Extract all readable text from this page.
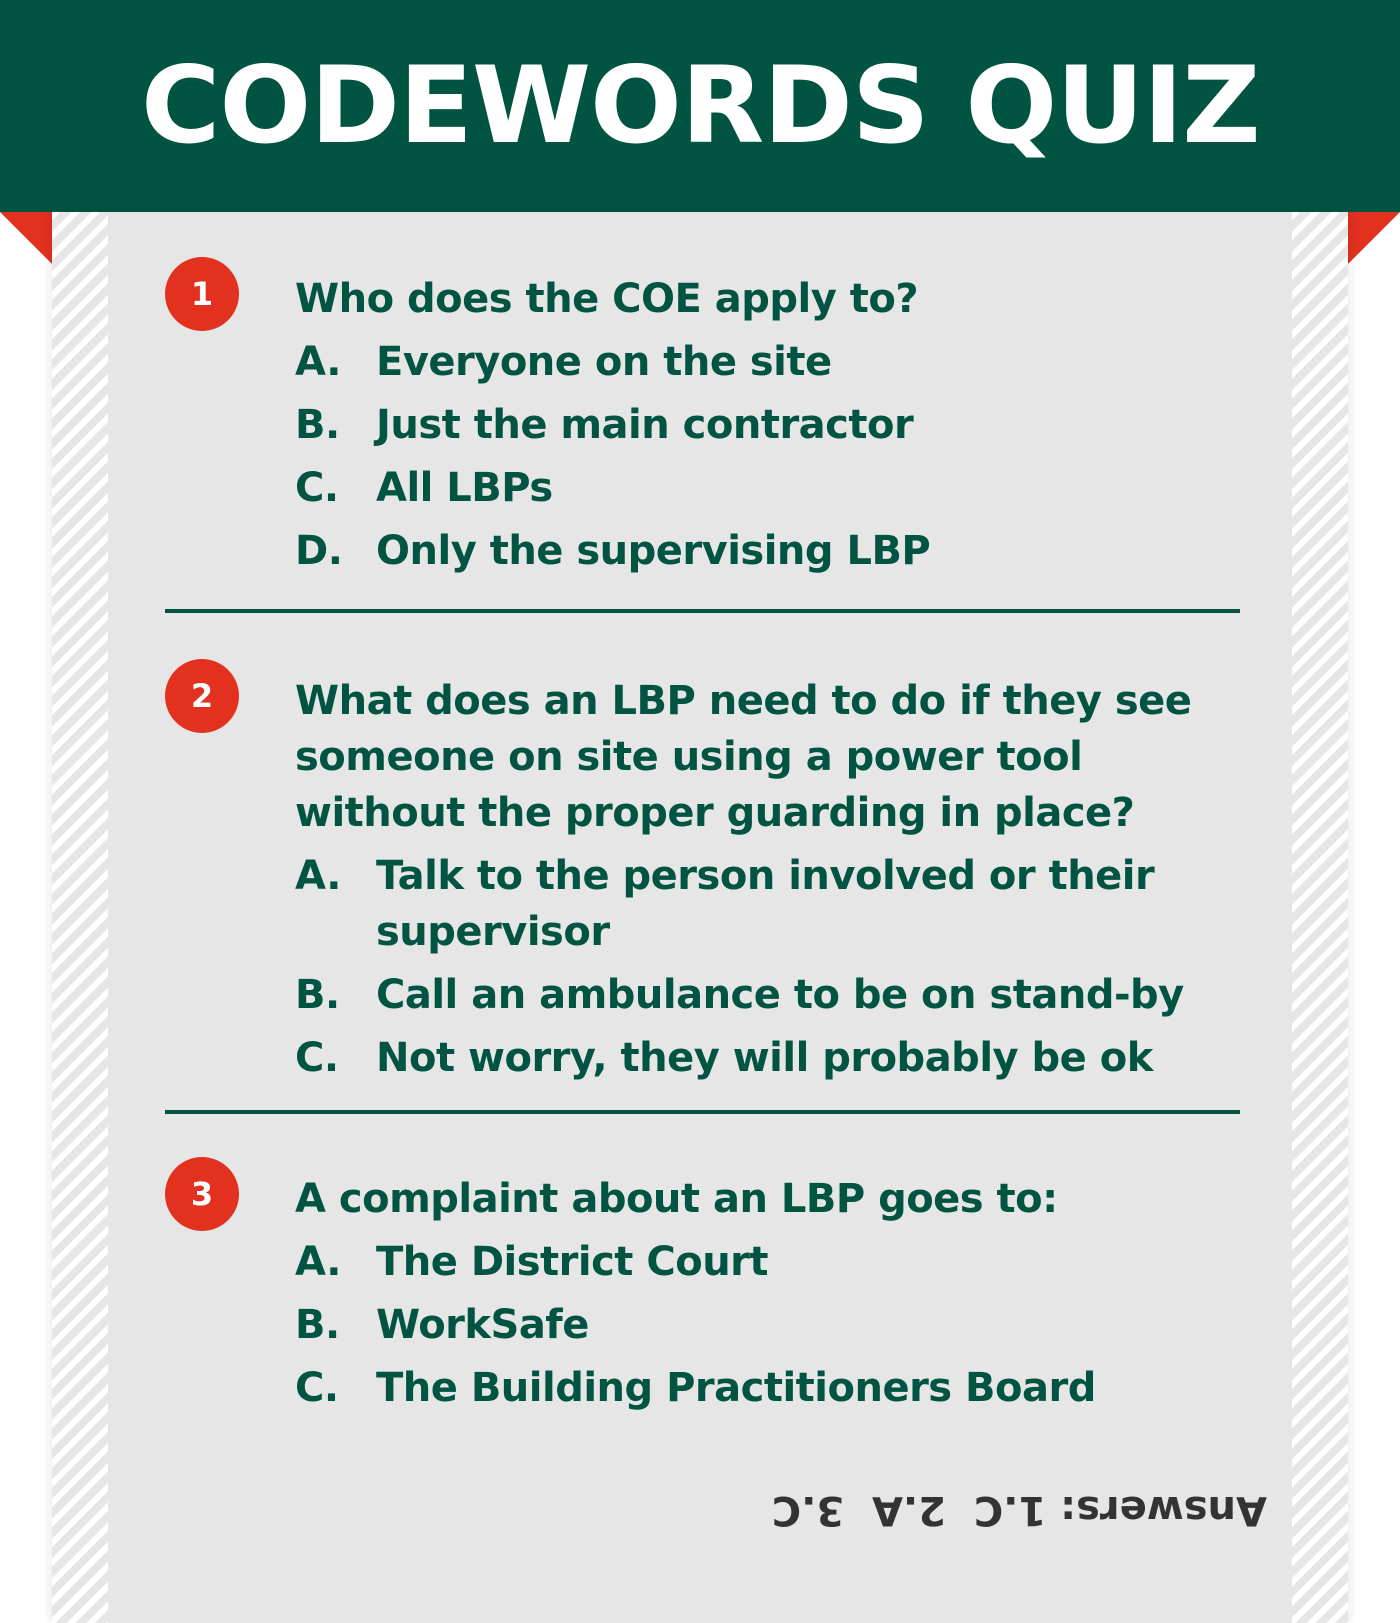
CODEWORDS QUIZ
1	Who does the COE apply to?
A. Everyone on the site
B. Just the main contractor
C. All LBPs
D. Only the supervising LBP
2	What does an LBP need to do if they see someone on site using a power tool without the proper guarding in place?
A. Talk to the person involved or their supervisor
B. Call an ambulance to be on stand-by
C. Not worry, they will probably be ok
3	A complaint about an LBP goes to:
A. The District Court
B. WorkSafe
C. The Building Practitioners Board
Answers: 1.C  2.A  3.C
